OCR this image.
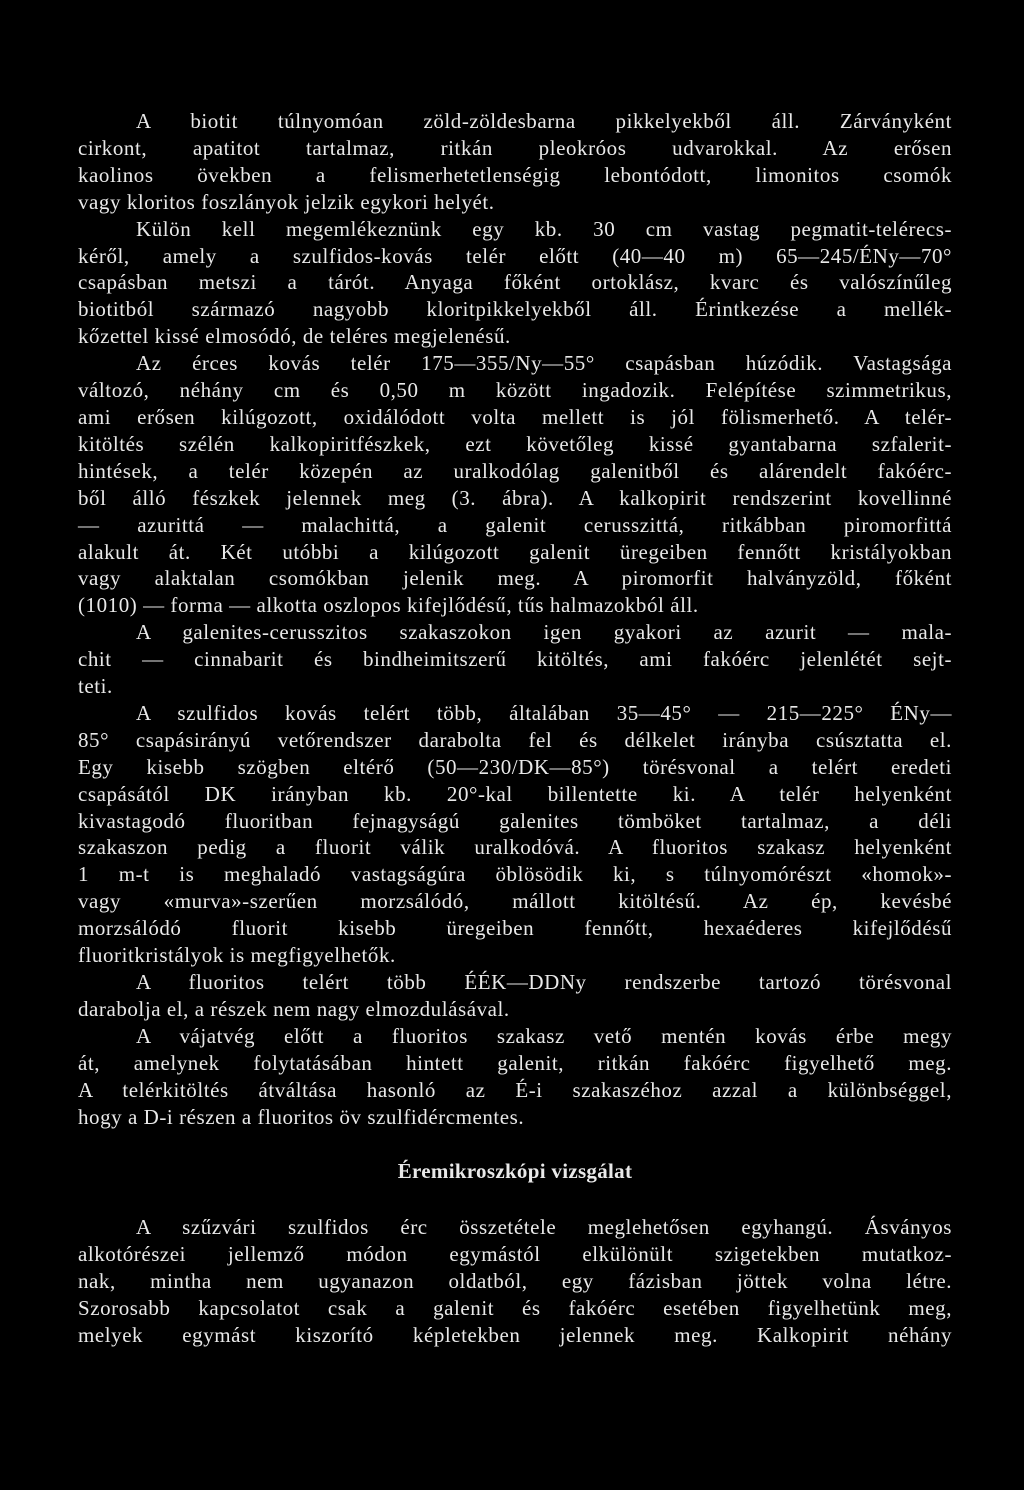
A biotit túlnyomóan zöld-zöldesbarna pikkelyekből áll. Zárványként
cirkont, apatitot tartalmaz, ritkán pleokróos udvarokkal. Az erősen
kaolinos övekben a felismerhetetlenségig lebontódott, limonitos csomók
vagy kloritos foszlányok jelzik egykori helyét.
Külön kell megemlékeznünk egy kb. 30 cm vastag pegmatit-telérecs-
kéről, amely a szulfidos-kovás telér előtt (40—40 m) 65—245/ÉNy—70°
csapásban metszi a tárót. Anyaga főként ortoklász, kvarc és valószínűleg
biotitból származó nagyobb kloritpikkelyekből áll. Érintkezése a mellék-
kőzettel kissé elmosódó, de teléres megjelenésű.
Az érces kovás telér 175—355/Ny—55° csapásban húzódik. Vastagsága
változó, néhány cm és 0,50 m között ingadozik. Felépítése szimmetrikus,
ami erősen kilúgozott, oxidálódott volta mellett is jól fölismerhető. A telér-
kitöltés szélén kalkopiritfészkek, ezt követőleg kissé gyantabarna szfalerit-
hintések, a telér közepén az uralkodólag galenitből és alárendelt fakóérc-
ből álló fészkek jelennek meg (3. ábra). A kalkopirit rendszerint kovellinné
— azurittá — malachittá, a galenit cerusszittá, ritkábban piromorfittá
alakult át. Két utóbbi a kilúgozott galenit üregeiben fennőtt kristályokban
vagy alaktalan csomókban jelenik meg. A piromorfit halványzöld, főként
(1010) — forma — alkotta oszlopos kifejlődésű, tűs halmazokból áll.
A galenites-cerusszitos szakaszokon igen gyakori az azurit — mala-
chit — cinnabarit és bindheimitszerű kitöltés, ami fakóérc jelenlétét sejt-
teti.
A szulfidos kovás telért több, általában 35—45° — 215—225° ÉNy—
85° csapásirányú vetőrendszer darabolta fel és délkelet irányba csúsztatta el.
Egy kisebb szögben eltérő (50—230/DK—85°) törésvonal a telért eredeti
csapásától DK irányban kb. 20°-kal billentette ki. A telér helyenként
kivastagodó fluoritban fejnagyságú galenites tömböket tartalmaz, a déli
szakaszon pedig a fluorit válik uralkodóvá. A fluoritos szakasz helyenként
1 m-t is meghaladó vastagságúra öblösödik ki, s túlnyomórészt «homok»-
vagy «murva»-szerűen morzsálódó, mállott kitöltésű. Az ép, kevésbé
morzsálódó fluorit kisebb üregeiben fennőtt, hexaéderes kifejlődésű
fluoritkristályok is megfigyelhetők.
A fluoritos telért több ÉÉK—DDNy rendszerbe tartozó törésvonal
darabolja el, a részek nem nagy elmozdulásával.
A vájatvég előtt a fluoritos szakasz vető mentén kovás érbe megy
át, amelynek folytatásában hintett galenit, ritkán fakóérc figyelhető meg.
A telérkitöltés átváltása hasonló az É-i szakaszéhoz azzal a különbséggel,
hogy a D-i részen a fluoritos öv szulfidércmentes.
Éremikroszkópi vizsgálat
A szűzvári szulfidos érc összetétele meglehetősen egyhangú. Ásványos
alkotórészei jellemző módon egymástól elkülönült szigetekben mutatkoz-
nak, mintha nem ugyanazon oldatból, egy fázisban jöttek volna létre.
Szorosabb kapcsolatot csak a galenit és fakóérc esetében figyelhetünk meg,
melyek egymást kiszorító képletekben jelennek meg. Kalkopirit néhány
